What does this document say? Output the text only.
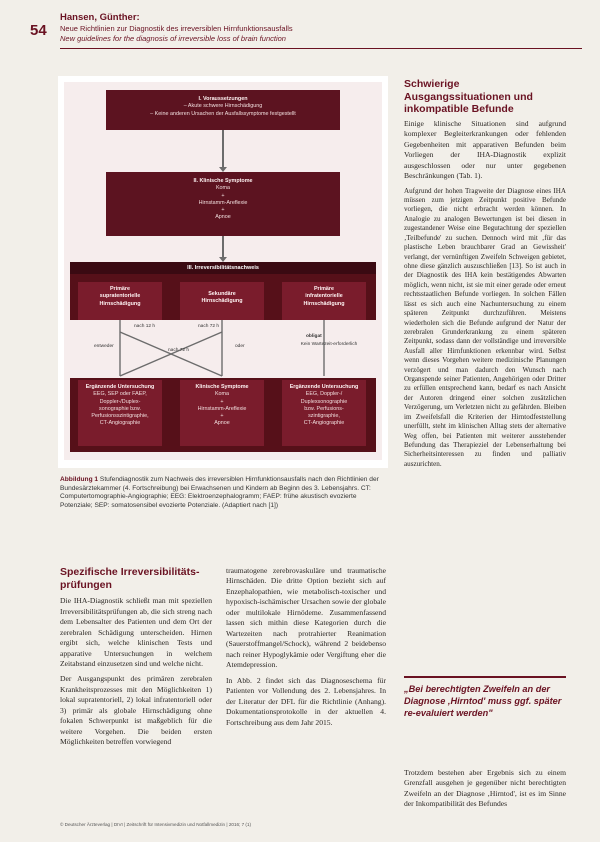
54
Hansen, Günther:
Neue Richtlinien zur Diagnostik des irreversiblen Hirnfunktionsausfalls
New guidelines for the diagnosis of irreversible loss of brain function
I. Voraussetzungen
– Akute schwere Hirnschädigung
– Keine anderen Ursachen der Ausfallssymptome festgestellt
II. Klinische Symptome
Koma
+
Hirnstamm-Areflexie
+
Apnoe
III. Irreversibilitätsnachweis
Primäre
supratentorielle
Hirnschädigung
Sekundäre
Hirnschädigung
Primäre
infratentorielle
Hirnschädigung
nach 12 h	nach 72 h
entweder	oder
nach 72 h
obligat
Kein Wartezeit-erforderlich
Ergänzende Untersuchung
EEG, SEP oder FAEP,
Doppler-/Duplex-
sonographie bzw.
Perfusionsszintigraphie,
CT-Angiographie
Klinische Symptome
Koma
+
Hirnstamm-Areflexie
+
Apnoe
Ergänzende Untersuchung
EEG, Doppler-/
Duplexsonographie
bzw. Perfusions-
szintigraphie,
CT-Angiographie
Abbildung 1 Stufendiagnostik zum Nachweis des irreversiblen Hirnfunktionsausfalls nach den Richtlinien der Bundesärztekammer (4. Fortschreibung) bei Erwachsenen und Kindern ab Beginn des 3. Lebensjahrs. CT: Computertomographie-Angiographie; EEG: Elektroenzephalogramm; FAEP: frühe akustisch evozierte Potenziale; SEP: somatosensibel evozierte Potenziale. (Adaptiert nach [1])
Spezifische Irreversibilitäts-prüfungen

Die IHA-Diagnostik schließt man mit speziellen Irreversibilitätsprüfungen ab, die sich streng nach dem Lebensalter des Patienten und dem Ort der zerebralen Schädigung unterscheiden. Hirnen ergibt sich, welche klinischen Tests und apparative Untersuchungen in welchem Zeitabstand einzusetzen sind und welche nicht.

Der Ausgangspunkt des primären zerebralen Krankheitsprozesses mit den Möglichkeiten 1) lokal supratentoriell, 2) lokal infratentoriell oder 3) primär als globale Hirnschädigung ohne fokalen Schwerpunkt ist maßgeblich für die weitere Vorgehen. Die beiden ersten Möglichkeiten betreffen vorwiegend

traumatogene zerebrovaskuläre und traumatische Hirnschäden. Die dritte Option bezieht sich auf Enzephalopathien, wie metabolisch-toxischer und hypoxisch-ischämischer Ursachen sowie der globale oder multilokale Hirnödeme. Zusammenfassend lassen sich mithin diese Kategorien durch die Wartezeiten nach protrahierter Reanimation (Sauerstoffmangel/Schock), während 2 beidebenso nach reiner Hypoglykämie oder Vergiftung eher die Atemdepression.

In Abb. 2 findet sich das Diagnoseschema für Patienten vor Vollendung des 2. Lebensjahres. In der Literatur der DFL für die Richtlinie (Anhang). Dokumentationsprotokolle in der aktuellen 4. Fortschreibung aus dem Jahr 2015.

Schwierige Ausgangssituationen und inkompatible Befunde

Einige klinische Situationen sind aufgrund komplexer Begleiterkrankungen oder fehlenden Gegebenheiten mit apparativen Befunden beim Vorliegen der IHA-Diagnostik explizit ausgeschlossen oder nur unter gegebenen Beschränkungen (Tab. 1).

Aufgrund der hohen Tragweite der Diagnose eines IHA müssen zum jetzigen Zeitpunkt positive Befunde vorliegen, die nicht erbracht werden können. In Analogie zu analogen Bewertungen ist bei diesen in zugestandener Weise eine Begutachtung der speziellen ‚Teilbefunde' zu suchen. Dennoch wird mit ‚für das plastische Leben brauchbarer Grad an Gewissheit' verlangt, der vernünftigen Zweifeln Schweigen gebietet, ohne diese gänzlich auszuschließen [13]. So ist auch in der Diagnostik des IHA kein bestätigendes Abwarten möglich, wenn nicht, ist sie mit einer gerade oder erneut rechtsstaatlichen Befunde vorliegen. In solchen Fällen lässt es sich auch eine Nachuntersuchung zu einem späteren Zeitpunkt durchzuführen. Meistens wiederholen sich die Befunde aufgrund der Natur der zerebralen Grunderkrankung zu einem späteren Zeitpunkt, sodass dann der vollständige und irreversible Ausfall aller Hirnfunktionen erkennbar wird. Selbst wenn dieses Vorgehen weitere medizinische Planungen verzögert und man dadurch den Wunsch nach Organspende seiner Patienten, Angehörigen oder Dritter zu erfüllen entsprechend kann, bedarf es nach Ansicht der Autoren dringend einer solchen zusätzlichen Verzögerung, um Verletzten nicht zu gefährden. Bleiben im Zweifelsfall die Kriterien der Hirntodfeststellung unerfüllt, steht im klinischen Alltag stets der alternative Weg offen, bei Patienten mit weiterer ausstehender Befundung das Therapieziel der Lebenserhaltung bei Sicherheitsinteressen zu finden und palliativ auszurichten.

„Bei berechtigten Zweifeln an der Diagnose ‚Hirntod' muss ggf. später re-evaluiert werden"

Trotzdem bestehen aber Ergebnis sich zu einem Grenzfall ausgehen je gegenüber nicht berechtigten Zweifeln an der Diagnose ‚Hirntod', ist es im Sinne der Inkompatibilität des Befundes

© Deutscher Ärzteverlag | DIVI | Zeitschrift für Intensivmedizin und Notfallmedizin | 2016; 7 (1)
